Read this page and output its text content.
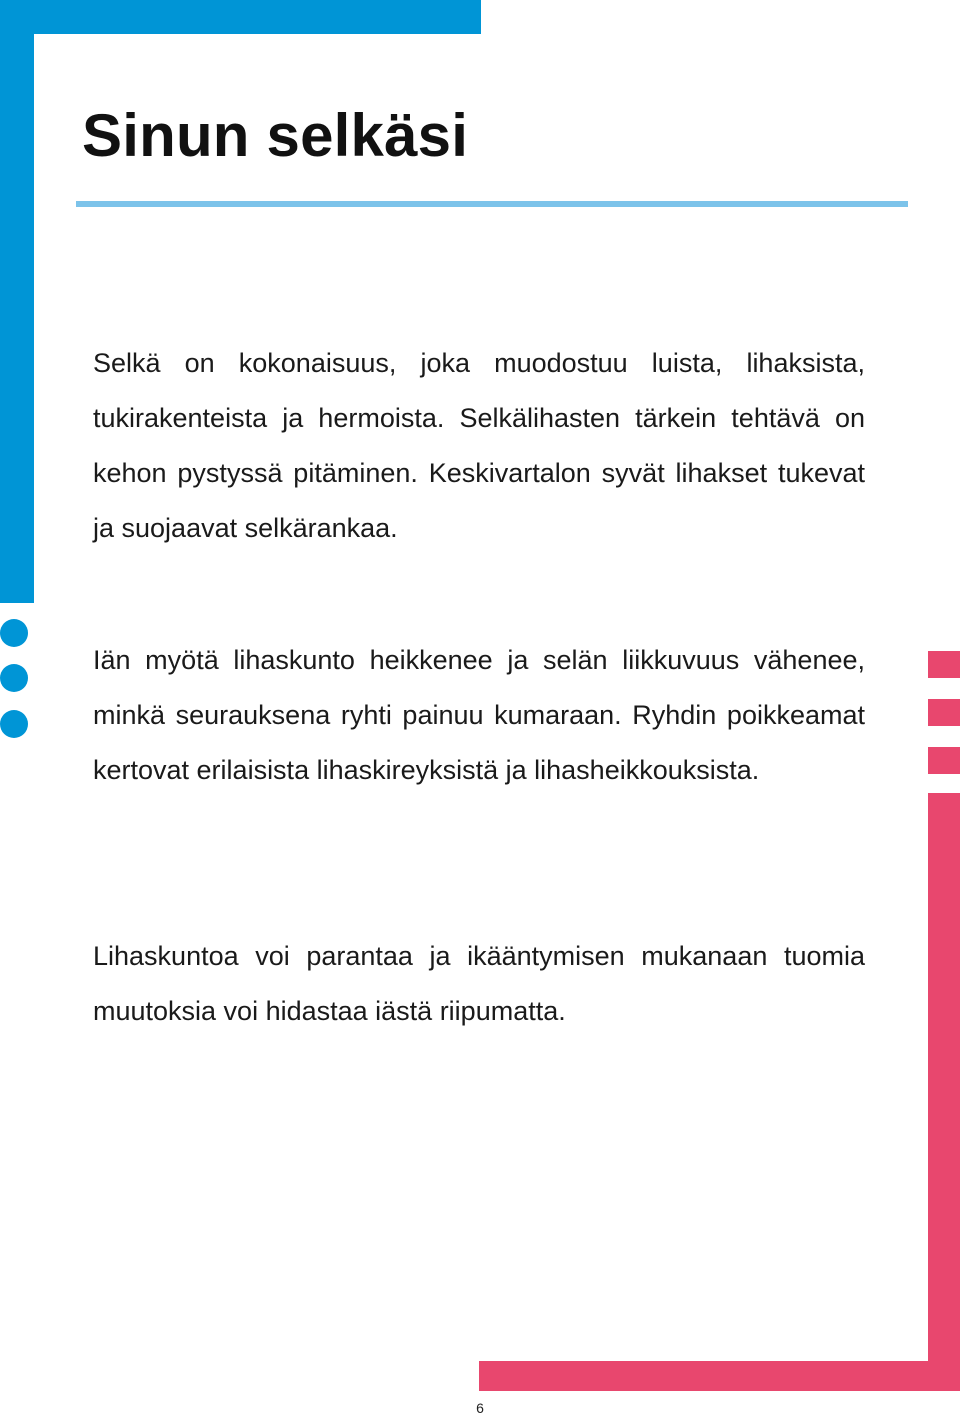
Sinun selkäsi

Selkä on kokonaisuus, joka muodostuu luista, lihaksista, tukirakenteista ja hermoista. Selkälihasten tärkein tehtävä on kehon pystyssä pitäminen. Keskivartalon syvät lihakset tukevat ja suojaavat selkärankaa.

Iän myötä lihaskunto heikkenee ja selän liikkuvuus vähenee, minkä seurauksena ryhti painuu kumaraan. Ryhdin poikkeamat kertovat erilaisista lihaskireyksistä ja lihasheikkouksista.

Lihaskuntoa voi parantaa ja ikääntymisen mukanaan tuomia muutoksia voi hidastaa iästä riipumatta.

6
